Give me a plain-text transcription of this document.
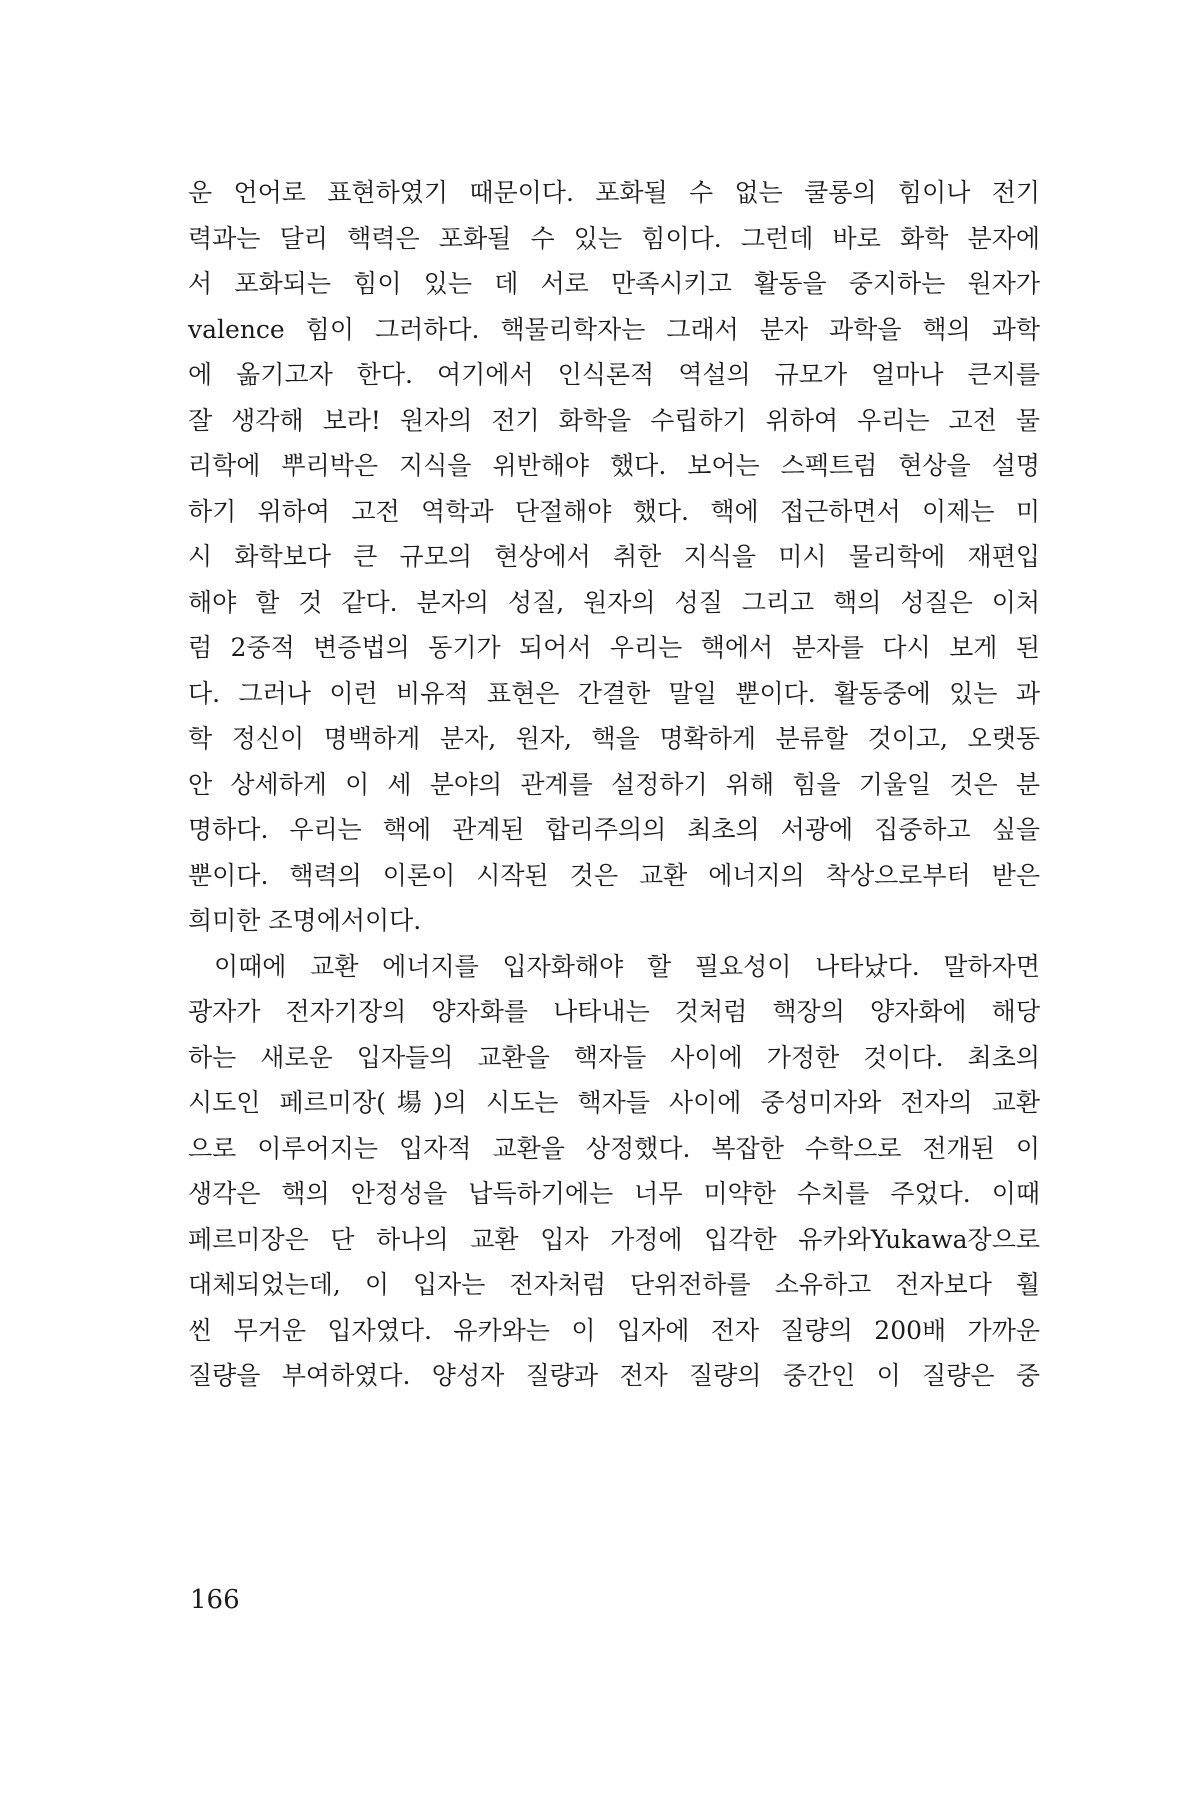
운 언어로 표현하였기 때문이다. 포화될 수 없는 쿨롱의 힘이나 전기
력과는 달리 핵력은 포화될 수 있는 힘이다. 그런데 바로 화학 분자에
서 포화되는 힘이 있는 데 서로 만족시키고 활동을 중지하는 원자가
valence 힘이 그러하다. 핵물리학자는 그래서 분자 과학을 핵의 과학
에 옮기고자 한다. 여기에서 인식론적 역설의 규모가 얼마나 큰지를
잘 생각해 보라! 원자의 전기 화학을 수립하기 위하여 우리는 고전 물
리학에 뿌리박은 지식을 위반해야 했다. 보어는 스펙트럼 현상을 설명
하기 위하여 고전 역학과 단절해야 했다. 핵에 접근하면서 이제는 미
시 화학보다 큰 규모의 현상에서 취한 지식을 미시 물리학에 재편입
해야 할 것 같다. 분자의 성질, 원자의 성질 그리고 핵의 성질은 이처
럼 2중적 변증법의 동기가 되어서 우리는 핵에서 분자를 다시 보게 된
다. 그러나 이런 비유적 표현은 간결한 말일 뿐이다. 활동중에 있는 과
학 정신이 명백하게 분자, 원자, 핵을 명확하게 분류할 것이고, 오랫동
안 상세하게 이 세 분야의 관계를 설정하기 위해 힘을 기울일 것은 분
명하다. 우리는 핵에 관계된 합리주의의 최초의 서광에 집중하고 싶을
뿐이다. 핵력의 이론이 시작된 것은 교환 에너지의 착상으로부터 받은
희미한 조명에서이다.
이때에 교환 에너지를 입자화해야 할 필요성이 나타났다. 말하자면
광자가 전자기장의 양자화를 나타내는 것처럼 핵장의 양자화에 해당
하는 새로운 입자들의 교환을 핵자들 사이에 가정한 것이다. 최초의
시도인 페르미장(場)의 시도는 핵자들 사이에 중성미자와 전자의 교환
으로 이루어지는 입자적 교환을 상정했다. 복잡한 수학으로 전개된 이
생각은 핵의 안정성을 납득하기에는 너무 미약한 수치를 주었다. 이때
페르미장은 단 하나의 교환 입자 가정에 입각한 유카와Yukawa장으로
대체되었는데, 이 입자는 전자처럼 단위전하를 소유하고 전자보다 훨
씬 무거운 입자였다. 유카와는 이 입자에 전자 질량의 200배 가까운
질량을 부여하였다. 양성자 질량과 전자 질량의 중간인 이 질량은 중
166
